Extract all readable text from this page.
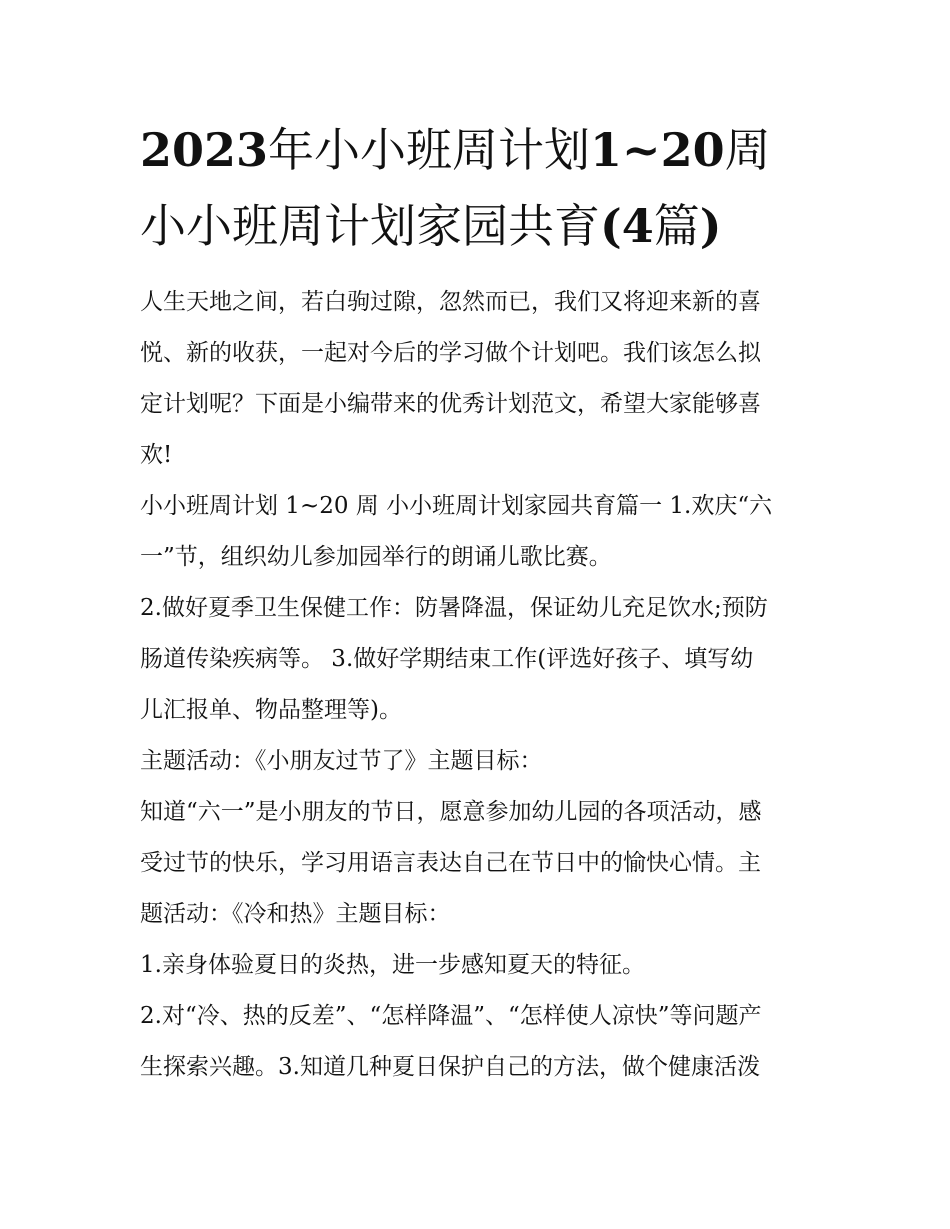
2023年小小班周计划1~20周
小小班周计划家园共育(4篇)

人生天地之间，若白驹过隙，忽然而已，我们又将迎来新的喜
悦、新的收获，一起对今后的学习做个计划吧。我们该怎么拟
定计划呢？下面是小编带来的优秀计划范文，希望大家能够喜
欢!

小小班周计划 1~20 周 小小班周计划家园共育篇一 1.欢庆“六
一”节，组织幼儿参加园举行的朗诵儿歌比赛。

2.做好夏季卫生保健工作：防暑降温，保证幼儿充足饮水;预防
肠道传染疾病等。 3.做好学期结束工作(评选好孩子、填写幼
儿汇报单、物品整理等)。

主题活动：《小朋友过节了》主题目标：

知道“六一”是小朋友的节日，愿意参加幼儿园的各项活动，感
受过节的快乐，学习用语言表达自己在节日中的愉快心情。主
题活动：《冷和热》主题目标：

1.亲身体验夏日的炎热，进一步感知夏天的特征。

2.对“冷、热的反差”、“怎样降温”、“怎样使人凉快”等问题产
生探索兴趣。3.知道几种夏日保护自己的方法，做个健康活泼
